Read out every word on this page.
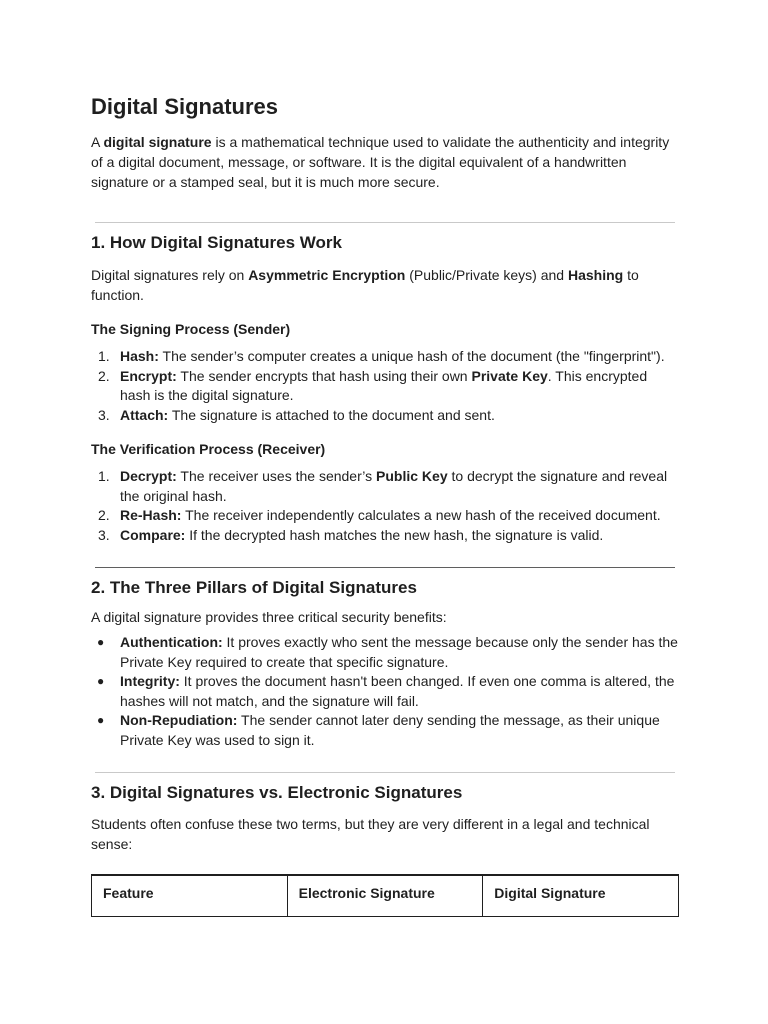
Digital Signatures

A digital signature is a mathematical technique used to validate the authenticity and integrity of a digital document, message, or software. It is the digital equivalent of a handwritten signature or a stamped seal, but it is much more secure.

1. How Digital Signatures Work

Digital signatures rely on Asymmetric Encryption (Public/Private keys) and Hashing to function.

The Signing Process (Sender)
1. Hash: The sender’s computer creates a unique hash of the document (the "fingerprint").
2. Encrypt: The sender encrypts that hash using their own Private Key. This encrypted hash is the digital signature.
3. Attach: The signature is attached to the document and sent.
The Verification Process (Receiver)
1. Decrypt: The receiver uses the sender’s Public Key to decrypt the signature and reveal the original hash.
2. Re-Hash: The receiver independently calculates a new hash of the received document.
3. Compare: If the decrypted hash matches the new hash, the signature is valid.
2. The Three Pillars of Digital Signatures

A digital signature provides three critical security benefits:

● Authentication: It proves exactly who sent the message because only the sender has the Private Key required to create that specific signature.
● Integrity: It proves the document hasn't been changed. If even one comma is altered, the hashes will not match, and the signature will fail.
● Non-Repudiation: The sender cannot later deny sending the message, as their unique Private Key was used to sign it.
3. Digital Signatures vs. Electronic Signatures

Students often confuse these two terms, but they are very different in a legal and technical sense:

Feature	Electronic Signature	Digital Signature
